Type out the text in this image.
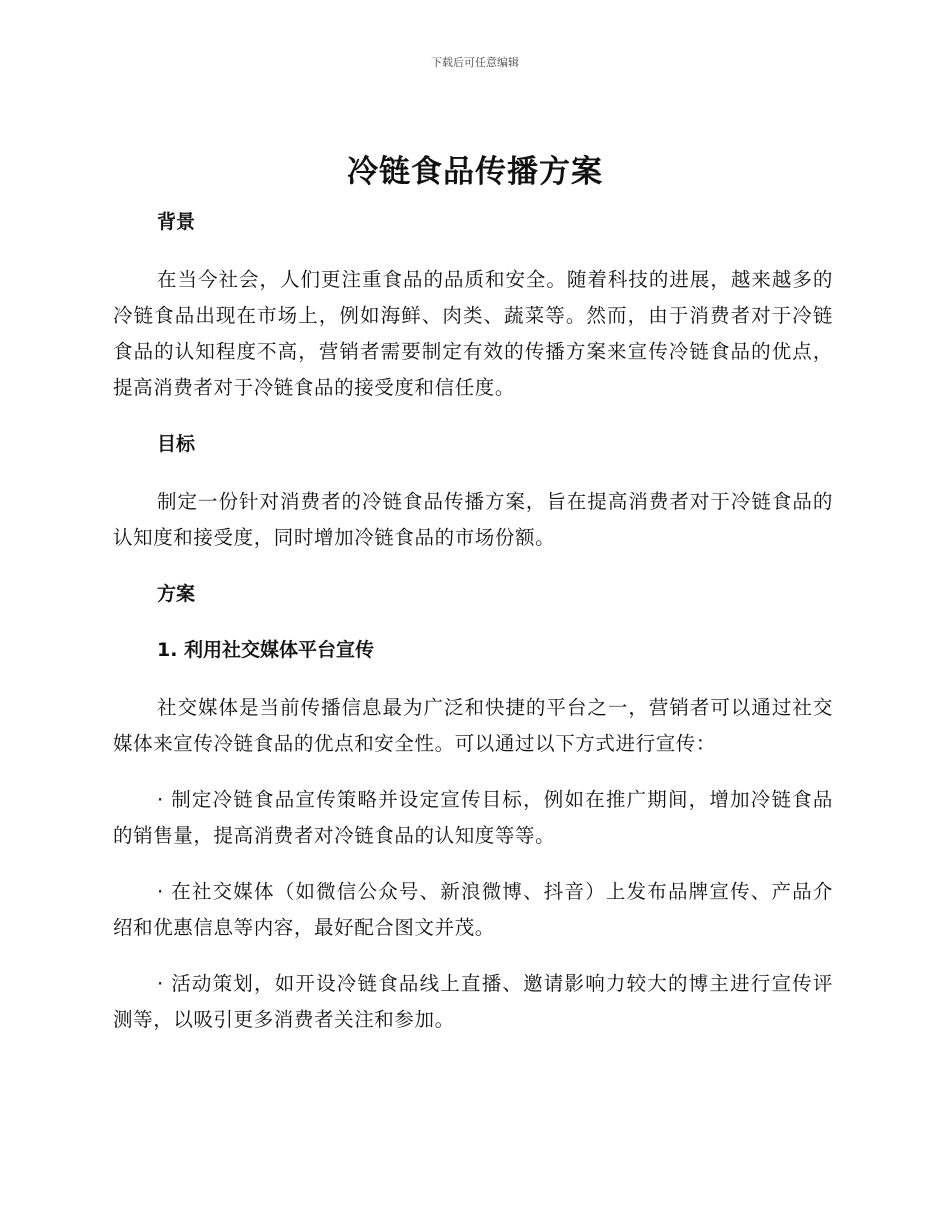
下载后可任意编辑
冷链食品传播方案
背景

在当今社会，人们更注重食品的品质和安全。随着科技的进展，越来越多的冷链食品出现在市场上，例如海鲜、肉类、蔬菜等。然而，由于消费者对于冷链食品的认知程度不高，营销者需要制定有效的传播方案来宣传冷链食品的优点，提高消费者对于冷链食品的接受度和信任度。

目标

制定一份针对消费者的冷链食品传播方案，旨在提高消费者对于冷链食品的认知度和接受度，同时增加冷链食品的市场份额。

方案
1. 利用社交媒体平台宣传

社交媒体是当前传播信息最为广泛和快捷的平台之一，营销者可以通过社交媒体来宣传冷链食品的优点和安全性。可以通过以下方式进行宣传：

· 制定冷链食品宣传策略并设定宣传目标，例如在推广期间，增加冷链食品的销售量，提高消费者对冷链食品的认知度等等。

· 在社交媒体（如微信公众号、新浪微博、抖音）上发布品牌宣传、产品介绍和优惠信息等内容，最好配合图文并茂。

· 活动策划，如开设冷链食品线上直播、邀请影响力较大的博主进行宣传评测等，以吸引更多消费者关注和参加。
